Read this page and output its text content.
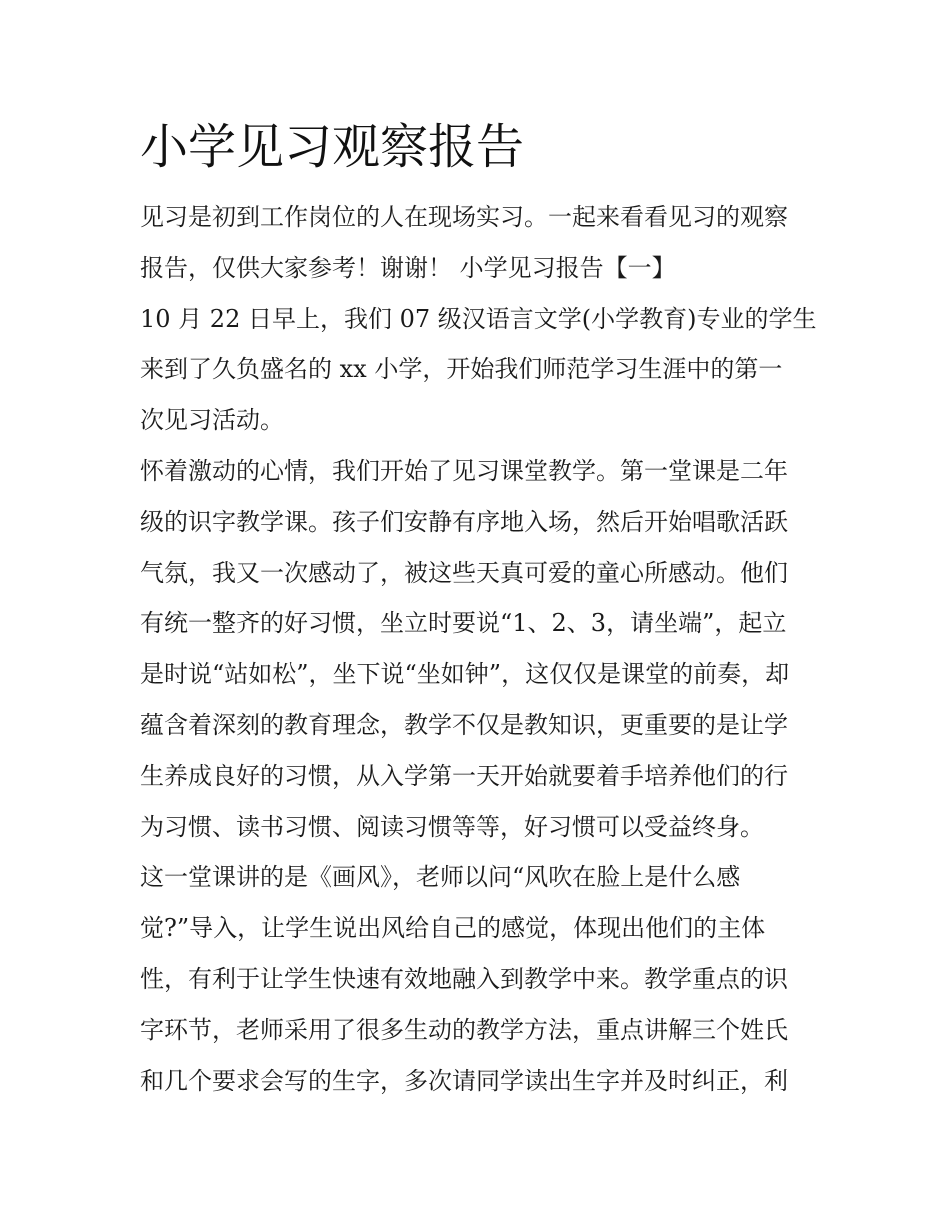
小学见习观察报告
见习是初到工作岗位的人在现场实习。一起来看看见习的观察
报告，仅供大家参考！谢谢！ 小学见习报告【一】
10 月 22 日早上，我们 07 级汉语言文学(小学教育)专业的学生
来到了久负盛名的 xx 小学，开始我们师范学习生涯中的第一
次见习活动。
怀着激动的心情，我们开始了见习课堂教学。第一堂课是二年
级的识字教学课。孩子们安静有序地入场，然后开始唱歌活跃
气氛，我又一次感动了，被这些天真可爱的童心所感动。他们
有统一整齐的好习惯，坐立时要说“1、2、3，请坐端”，起立
是时说“站如松”，坐下说“坐如钟”，这仅仅是课堂的前奏，却
蕴含着深刻的教育理念，教学不仅是教知识，更重要的是让学
生养成良好的习惯，从入学第一天开始就要着手培养他们的行
为习惯、读书习惯、阅读习惯等等，好习惯可以受益终身。
这一堂课讲的是《画风》，老师以问“风吹在脸上是什么感
觉?”导入，让学生说出风给自己的感觉，体现出他们的主体
性，有利于让学生快速有效地融入到教学中来。教学重点的识
字环节，老师采用了很多生动的教学方法，重点讲解三个姓氏
和几个要求会写的生字，多次请同学读出生字并及时纠正，利
